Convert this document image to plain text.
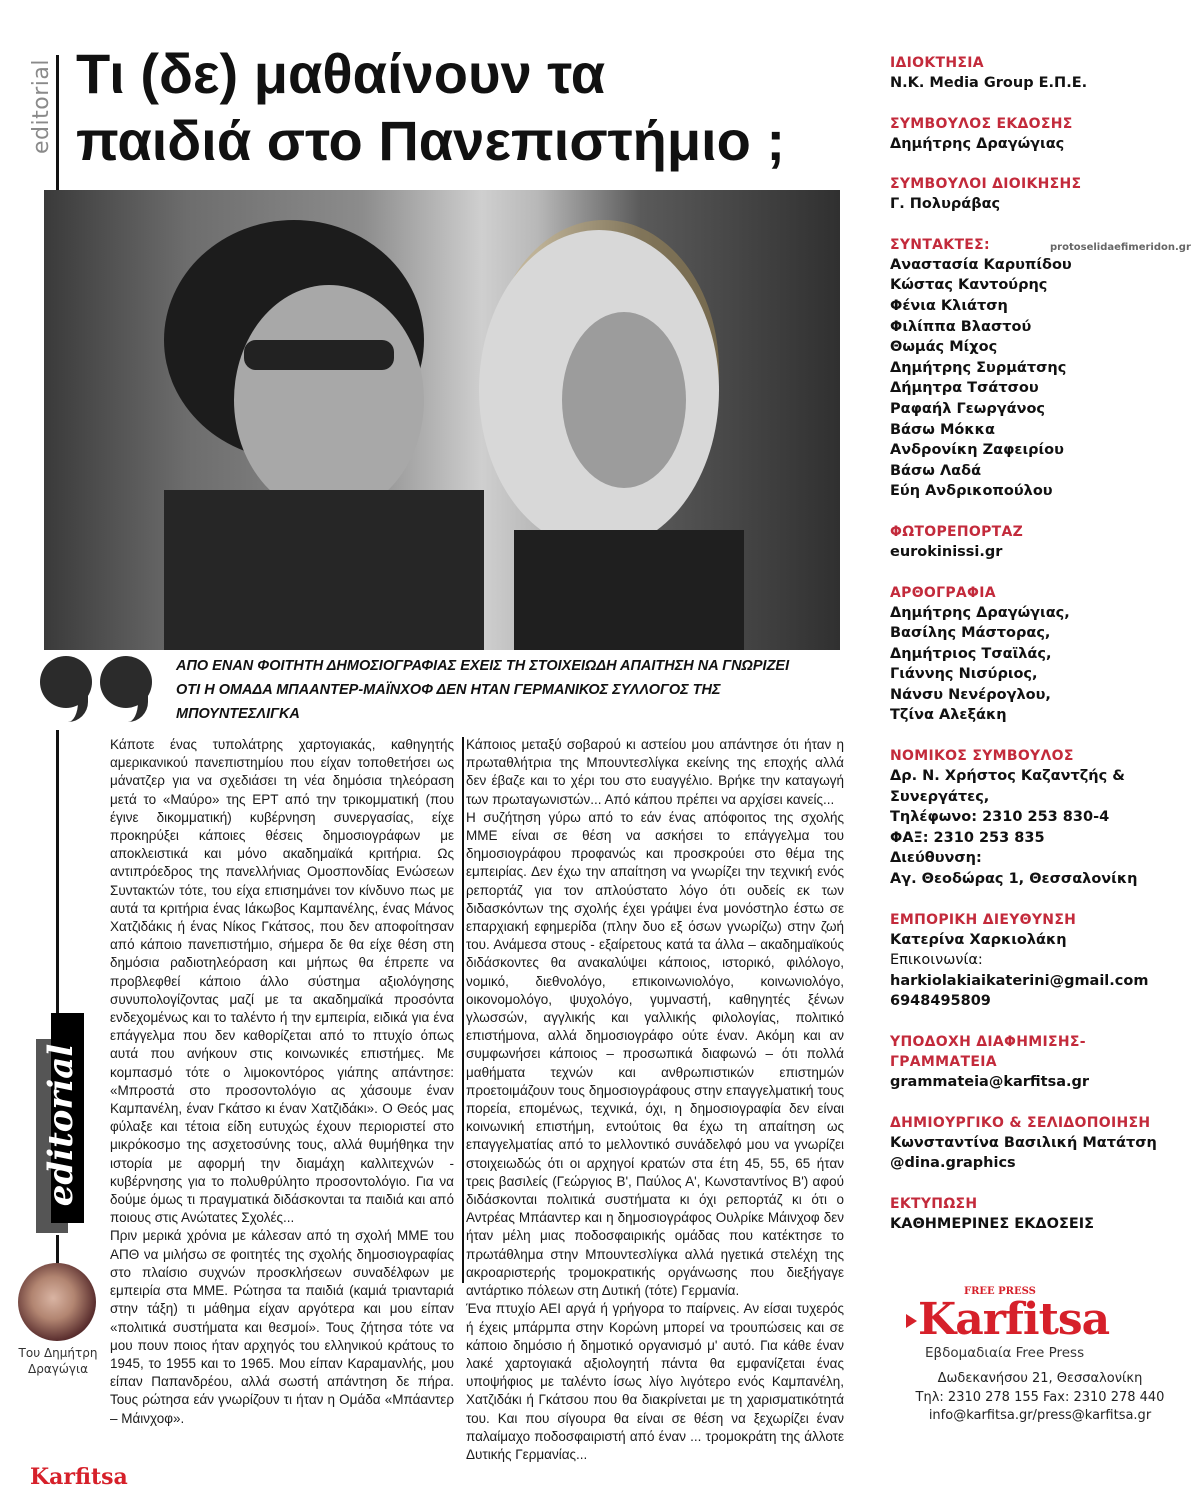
editorial Τι (δε) μαθαίνουν τα
παιδιά στο Πανεπιστήμιο ;
ΑΠΟ ΕΝΑΝ ΦΟΙΤΗΤΗ ΔΗΜΟΣΙΟΓΡΑΦΙΑΣ ΕΧΕΙΣ ΤΗ ΣΤΟΙΧΕΙΩΔΗ ΑΠΑΙΤΗΣΗ ΝΑ ΓΝΩΡΙΖΕΙ
ΟΤΙ Η ΟΜΑΔΑ ΜΠΑΑΝΤΕΡ-ΜΑΪΝΧΟΦ ΔΕΝ ΗΤΑΝ ΓΕΡΜΑΝΙΚΟΣ ΣΥΛΛΟΓΟΣ ΤΗΣ
ΜΠΟΥΝΤΕΣΛΙΓΚΑ

Κάποτε ένας τυπολάτρης χαρτογιακάς, καθηγητής αμερικανικού πανεπιστημίου που είχαν τοποθετήσει ως μάνατζερ για να σχεδιάσει τη νέα δημόσια τηλεόραση μετά το «Μαύρο» της ΕΡΤ από την τρικομματική (που έγινε δικομματική) κυβέρνηση συνεργασίας, είχε προκηρύξει κάποιες θέσεις δημοσιογράφων με αποκλειστικά και μόνο ακαδημαϊκά κριτήρια. Ως αντιπρόεδρος της πανελλήνιας Ομοσπονδίας Ενώσεων Συντακτών τότε, του είχα επισημάνει τον κίνδυνο πως με αυτά τα κριτήρια ένας Ιάκωβος Καμπανέλης, ένας Μάνος Χατζιδάκις ή ένας Νίκος Γκάτσος, που δεν αποφοίτησαν από κάποιο πανεπιστήμιο, σήμερα δε θα είχε θέση στη δημόσια ραδιοτηλεόραση και μήπως θα έπρεπε να προβλεφθεί κάποιο άλλο σύστημα αξιολόγησης συνυπολογίζοντας μαζί με τα ακαδημαϊκά προσόντα ενδεχομένως και το ταλέντο ή την εμπειρία, ειδικά για ένα επάγγελμα που δεν καθορίζεται από το πτυχίο όπως αυτά που ανήκουν στις κοινωνικές επιστήμες. Με κομπασμό τότε ο λιμοκοντόρος γιάπης απάντησε: «Μπροστά στο προσοντολόγιο ας χάσουμε έναν Καμπανέλη, έναν Γκάτσο κι έναν Χατζιδάκι». Ο Θεός μας φύλαξε και τέτοια είδη ευτυχώς έχουν περιοριστεί στο μικρόκοσμο της ασχετοσύνης τους, αλλά θυμήθηκα την ιστορία με αφορμή την διαμάχη καλλιτεχνών - κυβέρνησης για το πολυθρύλητο προσοντολόγιο. Για να δούμε όμως τι πραγματικά διδάσκονται τα παιδιά και από ποιους στις Ανώτατες Σχολές...

Πριν μερικά χρόνια με κάλεσαν από τη σχολή ΜΜΕ του ΑΠΘ να μιλήσω σε φοιτητές της σχολής δημοσιογραφίας στο πλαίσιο συχνών προσκλήσεων συναδέλφων με εμπειρία στα ΜΜΕ. Ρώτησα τα παιδιά (καμιά τριανταριά στην τάξη) τι μάθημα είχαν αργότερα και μου είπαν «πολιτικά συστήματα και θεσμοί». Τους ζήτησα τότε να μου πουν ποιος ήταν αρχηγός του ελληνικού κράτους το 1945, το 1955 και το 1965. Μου είπαν Καραμανλής, μου είπαν Παπανδρέου, αλλά σωστή απάντηση δε πήρα. Τους ρώτησα εάν γνωρίζουν τι ήταν η Ομάδα «Μπάαντερ – Μάινχοφ».

Κάποιος μεταξύ σοβαρού κι αστείου μου απάντησε ότι ήταν η πρωταθλήτρια της Μπουντεσλίγκα εκείνης της εποχής αλλά δεν έβαζε και το χέρι του στο ευαγγέλιο. Βρήκε την καταγωγή των πρωταγωνιστών... Από κάπου πρέπει να αρχίσει κανείς...

Η συζήτηση γύρω από το εάν ένας απόφοιτος της σχολής ΜΜΕ είναι σε θέση να ασκήσει το επάγγελμα του δημοσιογράφου προφανώς και προσκρούει στο θέμα της εμπειρίας. Δεν έχω την απαίτηση να γνωρίζει την τεχνική ενός ρεπορτάζ για τον απλούστατο λόγο ότι ουδείς εκ των διδασκόντων της σχολής έχει γράψει ένα μονόστηλο έστω σε επαρχιακή εφημερίδα (πλην δυο εξ όσων γνωρίζω) στην ζωή του. Ανάμεσα στους - εξαίρετους κατά τα άλλα – ακαδημαϊκούς διδάσκοντες θα ανακαλύψει κάποιος, ιστορικό, φιλόλογο, νομικό, διεθνολόγο, επικοινωνιολόγο, κοινωνιολόγο, οικονομολόγο, ψυχολόγο, γυμναστή, καθηγητές ξένων γλωσσών, αγγλικής και γαλλικής φιλολογίας, πολιτικό επιστήμονα, αλλά δημοσιογράφο ούτε έναν. Ακόμη και αν συμφωνήσει κάποιος – προσωπικά διαφωνώ – ότι πολλά μαθήματα τεχνών και ανθρωπιστικών επιστημών προετοιμάζουν τους δημοσιογράφους στην επαγγελματική τους πορεία, επομένως, τεχνικά, όχι, η δημοσιογραφία δεν είναι κοινωνική επιστήμη, εντούτοις θα έχω τη απαίτηση ως επαγγελματίας από το μελλοντικό συνάδελφό μου να γνωρίζει στοιχειωδώς ότι οι αρχηγοί κρατών στα έτη 45, 55, 65 ήταν τρεις βασιλείς (Γεώργιος Β', Παύλος Α', Κωνσταντίνος Β') αφού διδάσκονται πολιτικά συστήματα κι όχι ρεπορτάζ κι ότι ο Αντρέας Μπάαντερ και η δημοσιογράφος Ουλρίκε Μάινχοφ δεν ήταν μέλη μιας ποδοσφαιρικής ομάδας που κατέκτησε το πρωτάθλημα στην Μπουντεσλίγκα αλλά ηγετικά στελέχη της ακροαριστερής τρομοκρατικής οργάνωσης που διεξήγαγε αντάρτικο πόλεων στη Δυτική (τότε) Γερμανία.

Ένα πτυχίο ΑΕΙ αργά ή γρήγορα το παίρνεις. Αν είσαι τυχερός ή έχεις μπάρμπα στην Κορώνη μπορεί να τρουπώσεις και σε κάποιο δημόσιο ή δημοτικό οργανισμό μ' αυτό. Για κάθε έναν λακέ χαρτογιακά αξιολογητή πάντα θα εμφανίζεται ένας υποψήφιος με ταλέντο ίσως λίγο λιγότερο ενός Καμπανέλη, Χατζιδάκι ή Γκάτσου που θα διακρίνεται με τη χαρισματικότητά του. Και που σίγουρα θα είναι σε θέση να ξεχωρίζει έναν παλαίμαχο ποδοσφαιριστή από έναν ... τρομοκράτη της άλλοτε Δυτικής Γερμανίας...

editorial
Του Δημήτρη
Δραγώγια
protoselidaefimeridon.gr
ΙΔΙΟΚΤΗΣΙΑ
Ν.Κ. Media Group Ε.Π.Ε.
ΣΥΜΒΟΥΛΟΣ ΕΚΔΟΣΗΣ
Δημήτρης Δραγώγιας
ΣΥΜΒΟΥΛΟΙ ΔΙΟΙΚΗΣΗΣ
Γ. Πολυράβας
ΣΥΝΤΑΚΤΕΣ:
Αναστασία Καρυπίδου
Κώστας Καντούρης
Φένια Κλιάτση
Φιλίππα Βλαστού
Θωμάς Μίχος
Δημήτρης Συρμάτσης
Δήμητρα Τσάτσου
Ραφαήλ Γεωργάνος
Βάσω Μόκκα
Ανδρονίκη Ζαφειρίου
Βάσω Λαδά
Εύη Ανδρικοπούλου
ΦΩΤΟΡΕΠΟΡΤΑΖ
eurokinissi.gr
ΑΡΘΟΓΡΑΦΙΑ
Δημήτρης Δραγώγιας,
Βασίλης Μάστορας,
Δημήτριος Τσαϊλάς,
Γιάννης Νισύριος,
Νάνσυ Νενέρογλου,
Τζίνα Αλεξάκη
ΝΟΜΙΚΟΣ ΣΥΜΒΟΥΛΟΣ
Δρ. Ν. Χρήστος Καζαντζής &
Συνεργάτες,
Τηλέφωνο: 2310 253 830-4
ΦΑΞ: 2310 253 835
Διεύθυνση:
Αγ. Θεοδώρας 1, Θεσσαλονίκη
ΕΜΠΟΡΙΚΗ ΔΙΕΥΘΥΝΣΗ
Κατερίνα Χαρκιολάκη
Επικοινωνία:
harkiolakiaikaterini@gmail.com
6948495809
ΥΠΟΔΟΧΗ ΔΙΑΦΗΜΙΣΗΣ-
ΓΡΑΜΜΑΤΕΙΑ
grammateia@karfitsa.gr
ΔΗΜΙΟΥΡΓΙΚΟ & ΣΕΛΙΔΟΠΟΙΗΣΗ
Κωνσταντίνα Βασιλική Ματάτση
@dina.graphics
ΕΚΤΥΠΩΣΗ
ΚΑΘΗΜΕΡΙΝΕΣ ΕΚΔΟΣΕΙΣ
FREE PRESS
Karfitsa
Εβδομαδιαία Free Press
Δωδεκανήσου 21, Θεσσαλονίκη
Τηλ: 2310 278 155 Fax: 2310 278 440
info@karfitsa.gr/press@karfitsa.gr
Karfitsa
